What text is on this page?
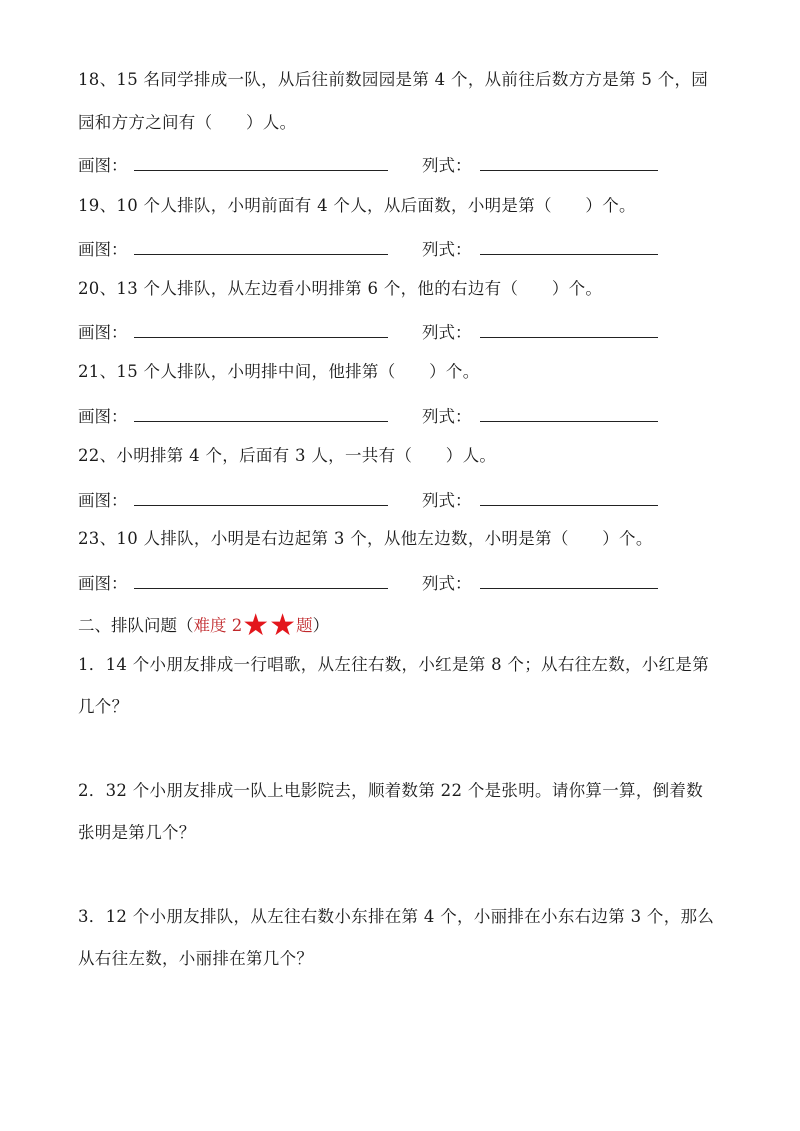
18、15 名同学排成一队，从后往前数园园是第 4 个，从前往后数方方是第 5 个，园
园和方方之间有（　　）人。
画图：	列式：
19、10 个人排队，小明前面有 4 个人，从后面数，小明是第（　　）个。
画图：	列式：
20、13 个人排队，从左边看小明排第 6 个，他的右边有（　　）个。
画图：	列式：
21、15 个人排队，小明排中间，他排第（　　）个。
画图：	列式：
22、小明排第 4 个，后面有 3 人，一共有（　　）人。
画图：	列式：
23、10 人排队，小明是右边起第 3 个，从他左边数，小明是第（　　）个。
画图：	列式：
二、排队问题（难度 2★★题）
1．14 个小朋友排成一行唱歌，从左往右数，小红是第 8 个；从右往左数，小红是第
几个？
2．32 个小朋友排成一队上电影院去，顺着数第 22 个是张明。请你算一算，倒着数
张明是第几个？
3．12 个小朋友排队，从左往右数小东排在第 4 个，小丽排在小东右边第 3 个，那么
从右往左数，小丽排在第几个？
